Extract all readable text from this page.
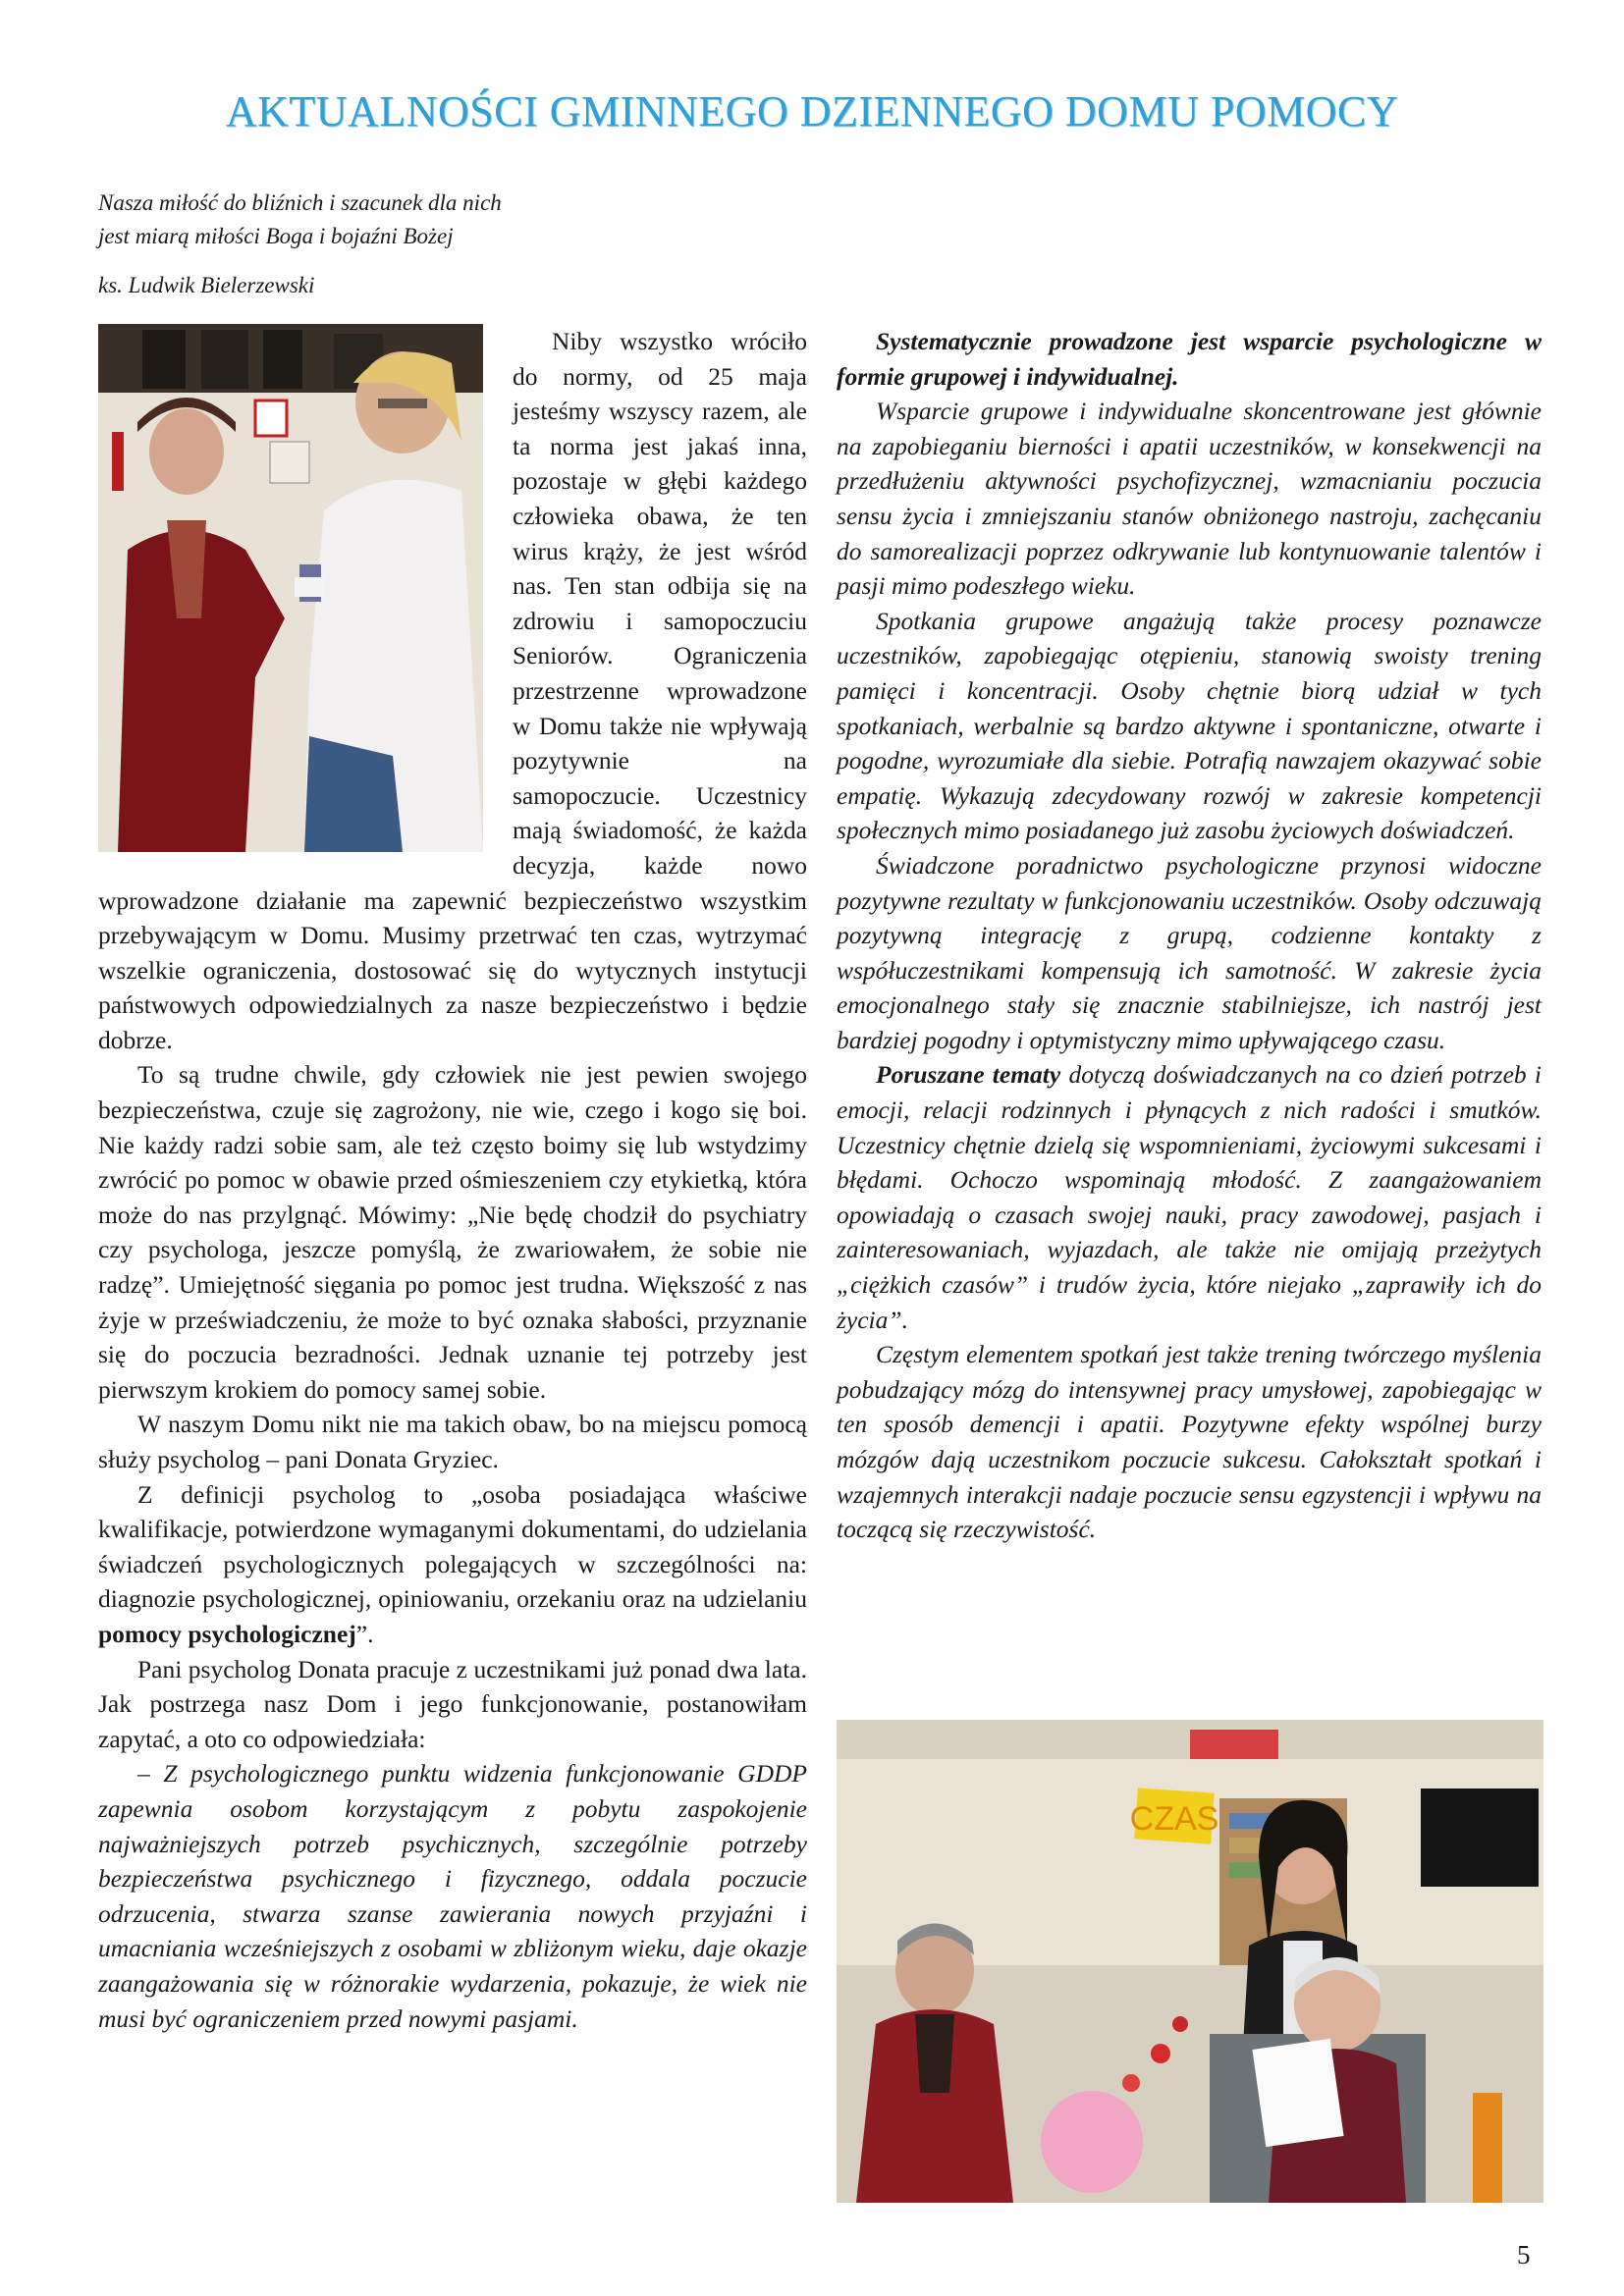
AKTUALNOŚCI GMINNEGO DZIENNEGO DOMU POMOCY
Nasza miłość do bliźnich i szacunek dla nich
jest miarą miłości Boga i bojaźni Bożej
ks. Ludwik Bielerzewski

Niby wszystko wróciło do normy, od 25 maja jesteśmy wszyscy razem, ale ta norma jest jakaś inna, pozostaje w głębi każdego człowieka obawa, że ten wirus krąży, że jest wśród nas. Ten stan odbija się na zdrowiu i samopoczuciu Seniorów. Ograniczenia przestrzenne wprowadzone w Domu także nie wpływają pozytywnie na samopoczucie. Uczestnicy mają świadomość, że każda decyzja, każde nowo wprowadzone działanie ma zapewnić bezpieczeństwo wszystkim przebywającym w Domu. Musimy przetrwać ten czas, wytrzymać wszelkie ograniczenia, dostosować się do wytycznych instytucji państwowych odpowiedzialnych za nasze bezpieczeństwo i będzie dobrze.

To są trudne chwile, gdy człowiek nie jest pewien swojego bezpieczeństwa, czuje się zagrożony, nie wie, czego i kogo się boi. Nie każdy radzi sobie sam, ale też często boimy się lub wstydzimy zwrócić po pomoc w obawie przed ośmieszeniem czy etykietką, która może do nas przylgnąć. Mówimy: „Nie będę chodził do psychiatry czy psychologa, jeszcze pomyślą, że zwariowałem, że sobie nie radzę”. Umiejętność sięgania po pomoc jest trudna. Większość z nas żyje w przeświadczeniu, że może to być oznaka słabości, przyznanie się do poczucia bezradności. Jednak uznanie tej potrzeby jest pierwszym krokiem do pomocy samej sobie.

W naszym Domu nikt nie ma takich obaw, bo na miejscu pomocą służy psycholog – pani Donata Gryziec.

Z definicji psycholog to „osoba posiadająca właściwe kwalifikacje, potwierdzone wymaganymi dokumentami, do udzielania świadczeń psychologicznych polegających w szczególności na: diagnozie psychologicznej, opiniowaniu, orzekaniu oraz na udzielaniu pomocy psychologicznej”.

Pani psycholog Donata pracuje z uczestnikami już ponad dwa lata. Jak postrzega nasz Dom i jego funkcjonowanie, postanowiłam zapytać, a oto co odpowiedziała:

– Z psychologicznego punktu widzenia funkcjonowanie GDDP zapewnia osobom korzystającym z pobytu zaspokojenie najważniejszych potrzeb psychicznych, szczególnie potrzeby bezpieczeństwa psychicznego i fizycznego, oddala poczucie odrzucenia, stwarza szanse zawierania nowych przyjaźni i umacniania wcześniejszych z osobami w zbliżonym wieku, daje okazje zaangażowania się w różnorakie wydarzenia, pokazuje, że wiek nie musi być ograniczeniem przed nowymi pasjami.

Systematycznie prowadzone jest wsparcie psychologiczne w formie grupowej i indywidualnej.

Wsparcie grupowe i indywidualne skoncentrowane jest głównie na zapobieganiu bierności i apatii uczestników, w konsekwencji na przedłużeniu aktywności psychofizycznej, wzmacnianiu poczucia sensu życia i zmniejszaniu stanów obniżonego nastroju, zachęcaniu do samorealizacji poprzez odkrywanie lub kontynuowanie talentów i pasji mimo podeszłego wieku.

Spotkania grupowe angażują także procesy poznawcze uczestników, zapobiegając otępieniu, stanowią swoisty trening pamięci i koncentracji. Osoby chętnie biorą udział w tych spotkaniach, werbalnie są bardzo aktywne i spontaniczne, otwarte i pogodne, wyrozumiałe dla siebie. Potrafią nawzajem okazywać sobie empatię. Wykazują zdecydowany rozwój w zakresie kompetencji społecznych mimo posiadanego już zasobu życiowych doświadczeń.

Świadczone poradnictwo psychologiczne przynosi widoczne pozytywne rezultaty w funkcjonowaniu uczestników. Osoby odczuwają pozytywną integrację z grupą, codzienne kontakty z współuczestnikami kompensują ich samotność. W zakresie życia emocjonalnego stały się znacznie stabilniejsze, ich nastrój jest bardziej pogodny i optymistyczny mimo upływającego czasu.

Poruszane tematy dotyczą doświadczanych na co dzień potrzeb i emocji, relacji rodzinnych i płynących z nich radości i smutków. Uczestnicy chętnie dzielą się wspomnieniami, życiowymi sukcesami i błędami. Ochoczo wspominają młodość. Z zaangażowaniem opowiadają o czasach swojej nauki, pracy zawodowej, pasjach i zainteresowaniach, wyjazdach, ale także nie omijają przeżytych „ciężkich czasów” i trudów życia, które niejako „zaprawiły ich do życia”.

Częstym elementem spotkań jest także trening twórczego myślenia pobudzający mózg do intensywnej pracy umysłowej, zapobiegając w ten sposób demencji i apatii. Pozytywne efekty wspólnej burzy mózgów dają uczestnikom poczucie sukcesu. Całokształt spotkań i wzajemnych interakcji nadaje poczucie sensu egzystencji i wpływu na toczącą się rzeczywistość.

CZAS
5
